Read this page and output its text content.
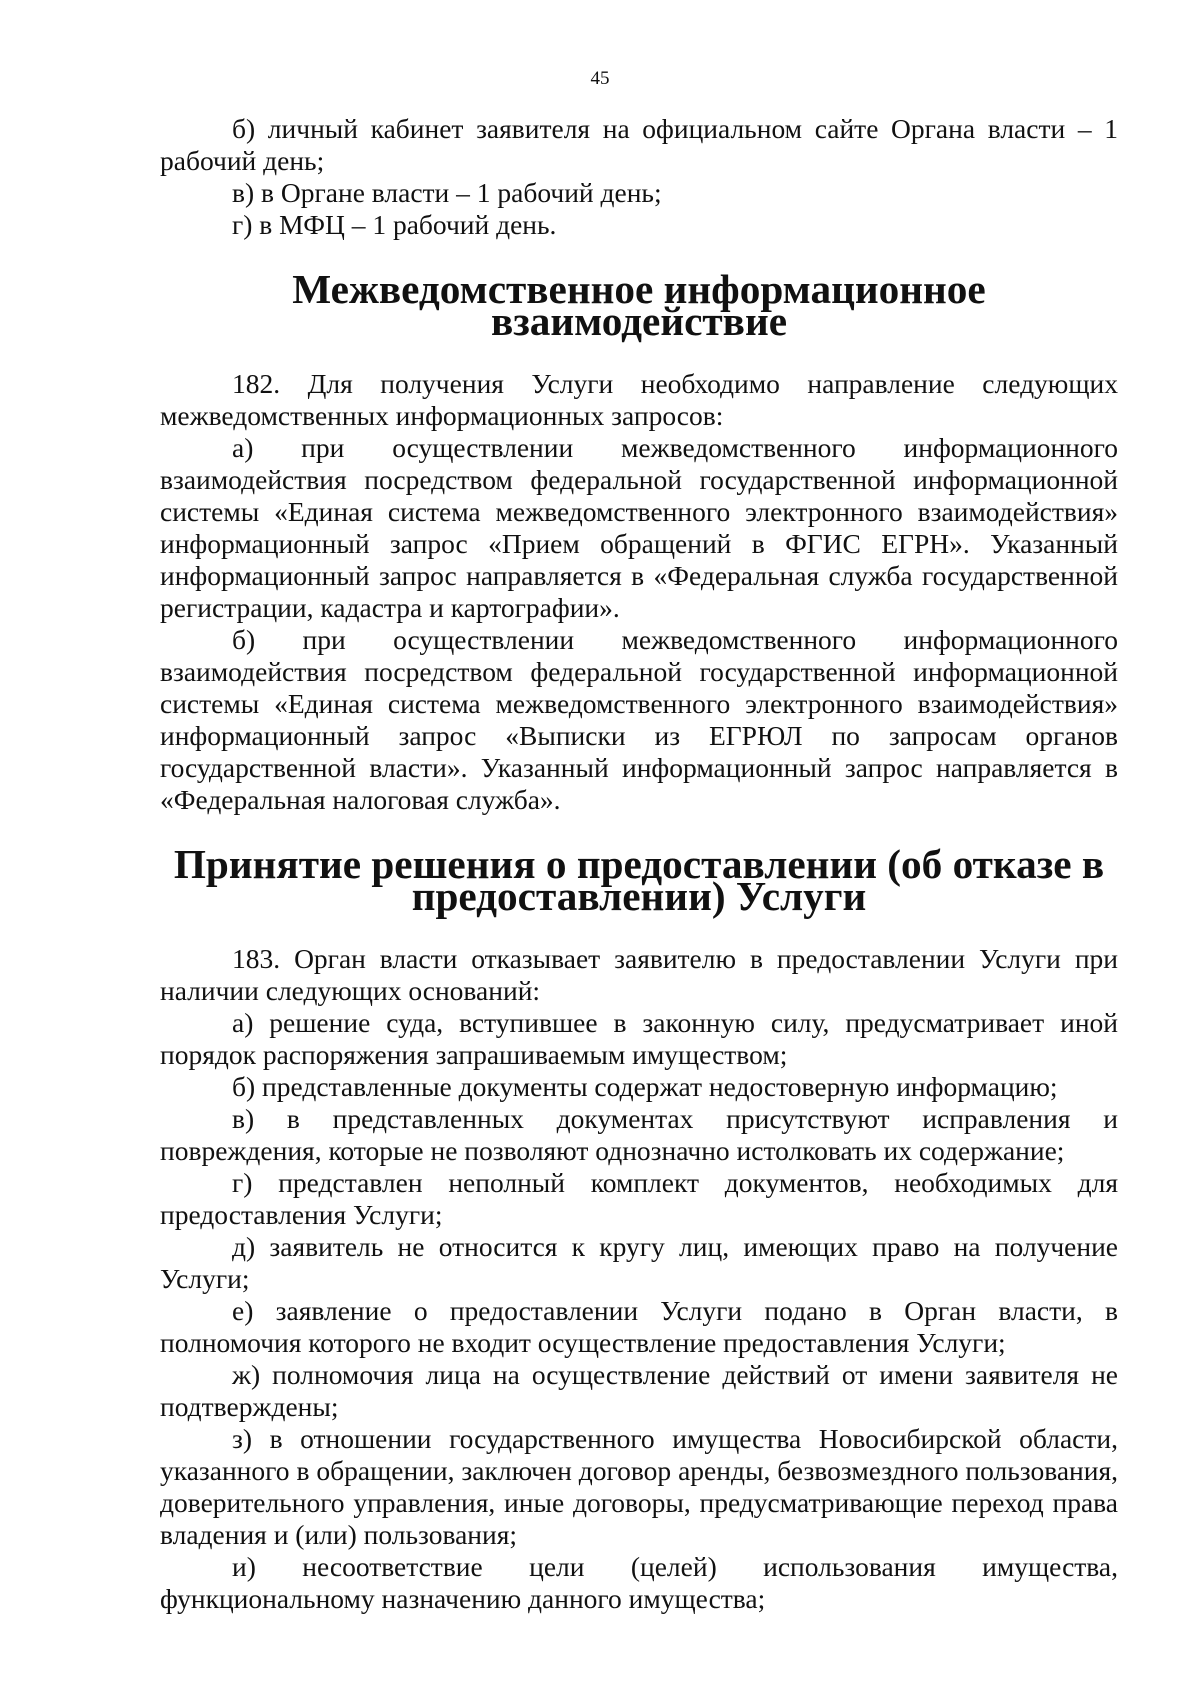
45

б) личный кабинет заявителя на официальном сайте Органа власти – 1 рабочий день;

в) в Органе власти – 1 рабочий день;

г) в МФЦ – 1 рабочий день.

Межведомственное информационное взаимодействие

182. Для получения Услуги необходимо направление следующих межведомственных информационных запросов:

а) при осуществлении межведомственного информационного взаимодействия посредством федеральной государственной информационной системы «Единая система межведомственного электронного взаимодействия» информационный запрос «Прием обращений в ФГИС ЕГРН». Указанный информационный запрос направляется в «Федеральная служба государственной регистрации, кадастра и картографии».

б) при осуществлении межведомственного информационного взаимодействия посредством федеральной государственной информационной системы «Единая система межведомственного электронного взаимодействия» информационный запрос «Выписки из ЕГРЮЛ по запросам органов государственной власти». Указанный информационный запрос направляется в «Федеральная налоговая служба».

Принятие решения о предоставлении (об отказе в предоставлении) Услуги

183. Орган власти отказывает заявителю в предоставлении Услуги при наличии следующих оснований:

а) решение суда, вступившее в законную силу, предусматривает иной порядок распоряжения запрашиваемым имуществом;

б) представленные документы содержат недостоверную информацию;

в) в представленных документах присутствуют исправления и повреждения, которые не позволяют однозначно истолковать их содержание;

г) представлен неполный комплект документов, необходимых для предоставления Услуги;

д) заявитель не относится к кругу лиц, имеющих право на получение Услуги;

е) заявление о предоставлении Услуги подано в Орган власти, в полномочия которого не входит осуществление предоставления Услуги;

ж) полномочия лица на осуществление действий от имени заявителя не подтверждены;

з) в отношении государственного имущества Новосибирской области, указанного в обращении, заключен договор аренды, безвозмездного пользования, доверительного управления, иные договоры, предусматривающие переход права владения и (или) пользования;

и) несоответствие цели (целей) использования имущества, функциональному назначению данного имущества;
